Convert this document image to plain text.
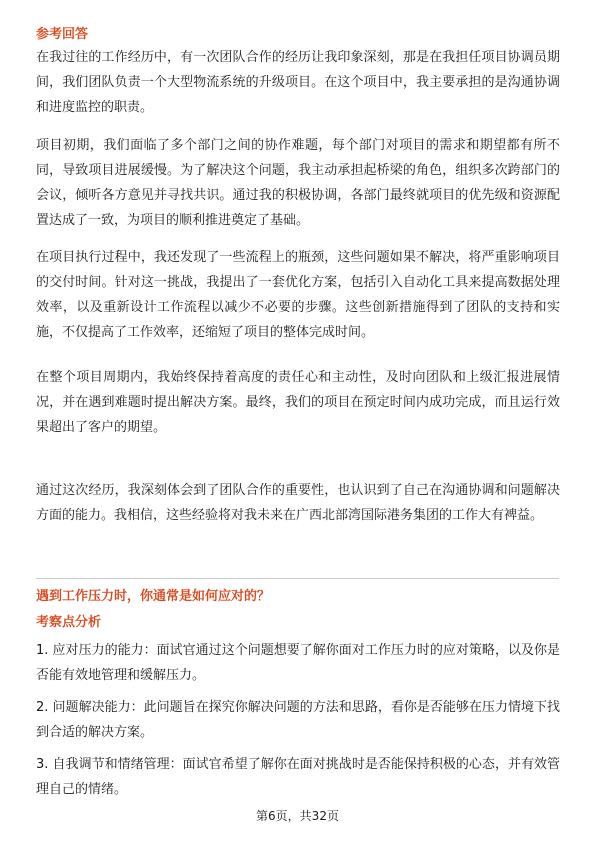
参考回答

在我过往的工作经历中，有一次团队合作的经历让我印象深刻，那是在我担任项目协调员期间，我们团队负责一个大型物流系统的升级项目。在这个项目中，我主要承担的是沟通协调和进度监控的职责。

项目初期，我们面临了多个部门之间的协作难题，每个部门对项目的需求和期望都有所不同，导致项目进展缓慢。为了解决这个问题，我主动承担起桥梁的角色，组织多次跨部门的会议，倾听各方意见并寻找共识。通过我的积极协调，各部门最终就项目的优先级和资源配置达成了一致，为项目的顺利推进奠定了基础。

在项目执行过程中，我还发现了一些流程上的瓶颈，这些问题如果不解决，将严重影响项目的交付时间。针对这一挑战，我提出了一套优化方案，包括引入自动化工具来提高数据处理效率，以及重新设计工作流程以减少不必要的步骤。这些创新措施得到了团队的支持和实施，不仅提高了工作效率，还缩短了项目的整体完成时间。

在整个项目周期内，我始终保持着高度的责任心和主动性，及时向团队和上级汇报进展情况，并在遇到难题时提出解决方案。最终，我们的项目在预定时间内成功完成，而且运行效果超出了客户的期望。

通过这次经历，我深刻体会到了团队合作的重要性，也认识到了自己在沟通协调和问题解决方面的能力。我相信，这些经验将对我未来在广西北部湾国际港务集团的工作大有裨益。

遇到工作压力时，你通常是如何应对的？
考察点分析

1. 应对压力的能力：面试官通过这个问题想要了解你面对工作压力时的应对策略，以及你是否能有效地管理和缓解压力。

2. 问题解决能力：此问题旨在探究你解决问题的方法和思路，看你是否能够在压力情境下找到合适的解决方案。

3. 自我调节和情绪管理：面试官希望了解你在面对挑战时是否能保持积极的心态，并有效管理自己的情绪。

第6页，共32页
